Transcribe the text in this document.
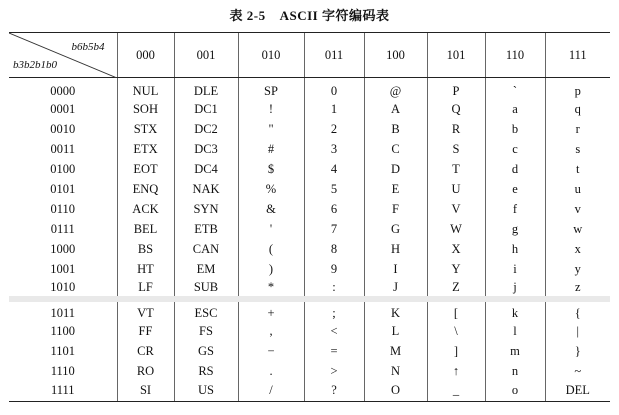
表 2-5 ASCII 字符编码表
b6b5b4
b3b2b1b0	000	001	010	011	100	101	110	111
0000	NUL	DLE	SP	0	@	P	`	p
0001	SOH	DC1	!	1	A	Q	a	q
0010	STX	DC2	"	2	B	R	b	r
0011	ETX	DC3	#	3	C	S	c	s
0100	EOT	DC4	$	4	D	T	d	t
0101	ENQ	NAK	%	5	E	U	e	u
0110	ACK	SYN	&	6	F	V	f	v
0111	BEL	ETB	'	7	G	W	g	w
1000	BS	CAN	(	8	H	X	h	x
1001	HT	EM	)	9	I	Y	i	y
1010	LF	SUB	*	:	J	Z	j	z
1011	VT	ESC	+	;	K	[	k	{
1100	FF	FS	,	<	L	\	l	|
1101	CR	GS	−	=	M	]	m	}
1110	RO	RS	.	>	N	↑	n	~
1111	SI	US	/	?	O	_	o	DEL
